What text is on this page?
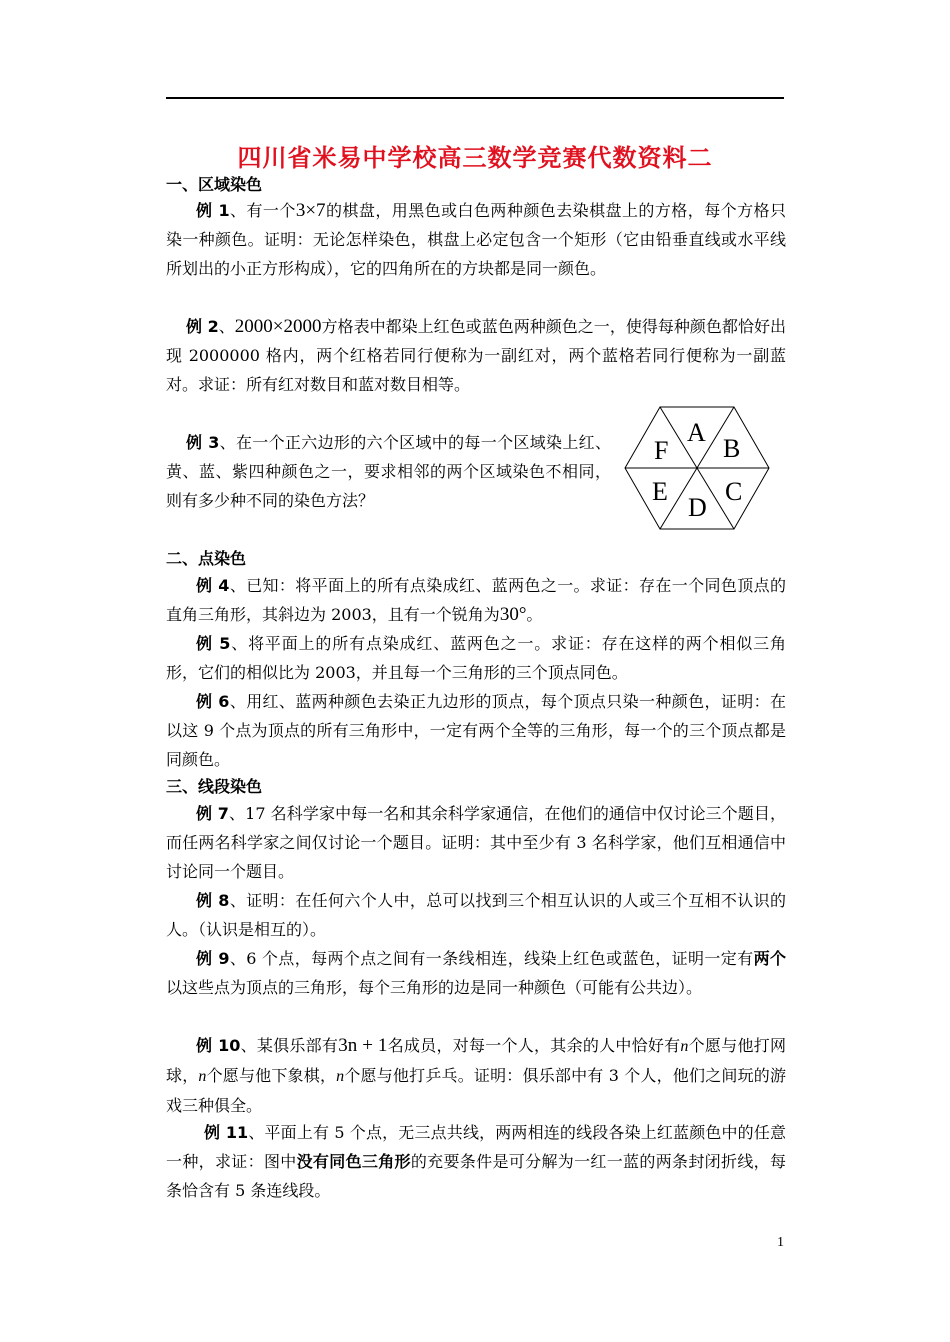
四川省米易中学校高三数学竞赛代数资料二
一、区域染色
例 1、有一个3×7的棋盘，用黑色或白色两种颜色去染棋盘上的方格，每个方格只染一种颜色。证明：无论怎样染色，棋盘上必定包含一个矩形（它由铅垂直线或水平线所划出的小正方形构成），它的四角所在的方块都是同一颜色。
例 2、2000×2000方格表中都染上红色或蓝色两种颜色之一，使得每种颜色都恰好出现 2000000 格内，两个红格若同行便称为一副红对，两个蓝格若同行便称为一副蓝对。求证：所有红对数目和蓝对数目相等。
例 3、在一个正六边形的六个区域中的每一个区域染上红、黄、蓝、紫四种颜色之一，要求相邻的两个区域染色不相同，则有多少种不同的染色方法？
A
B
C
D
E
F
二、点染色
例 4、已知：将平面上的所有点染成红、蓝两色之一。求证：存在一个同色顶点的直角三角形，其斜边为 2003，且有一个锐角为30°。
例 5、将平面上的所有点染成红、蓝两色之一。求证：存在这样的两个相似三角形，它们的相似比为 2003，并且每一个三角形的三个顶点同色。
例 6、用红、蓝两种颜色去染正九边形的顶点，每个顶点只染一种颜色，证明：在以这 9 个点为顶点的所有三角形中，一定有两个全等的三角形，每一个的三个顶点都是同颜色。
三、线段染色
例 7、17 名科学家中每一名和其余科学家通信，在他们的通信中仅讨论三个题目，而任两名科学家之间仅讨论一个题目。证明：其中至少有 3 名科学家，他们互相通信中讨论同一个题目。
例 8、证明：在任何六个人中，总可以找到三个相互认识的人或三个互相不认识的人。（认识是相互的）。
例 9、6 个点，每两个点之间有一条线相连，线染上红色或蓝色，证明一定有两个以这些点为顶点的三角形，每个三角形的边是同一种颜色（可能有公共边）。
例 10、某俱乐部有3n + 1名成员，对每一个人，其余的人中恰好有n个愿与他打网球，n个愿与他下象棋，n个愿与他打乒乓。证明：俱乐部中有 3 个人，他们之间玩的游戏三种俱全。
例 11、平面上有 5 个点，无三点共线，两两相连的线段各染上红蓝颜色中的任意一种，求证：图中没有同色三角形的充要条件是可分解为一红一蓝的两条封闭折线，每条恰含有 5 条连线段。
1
